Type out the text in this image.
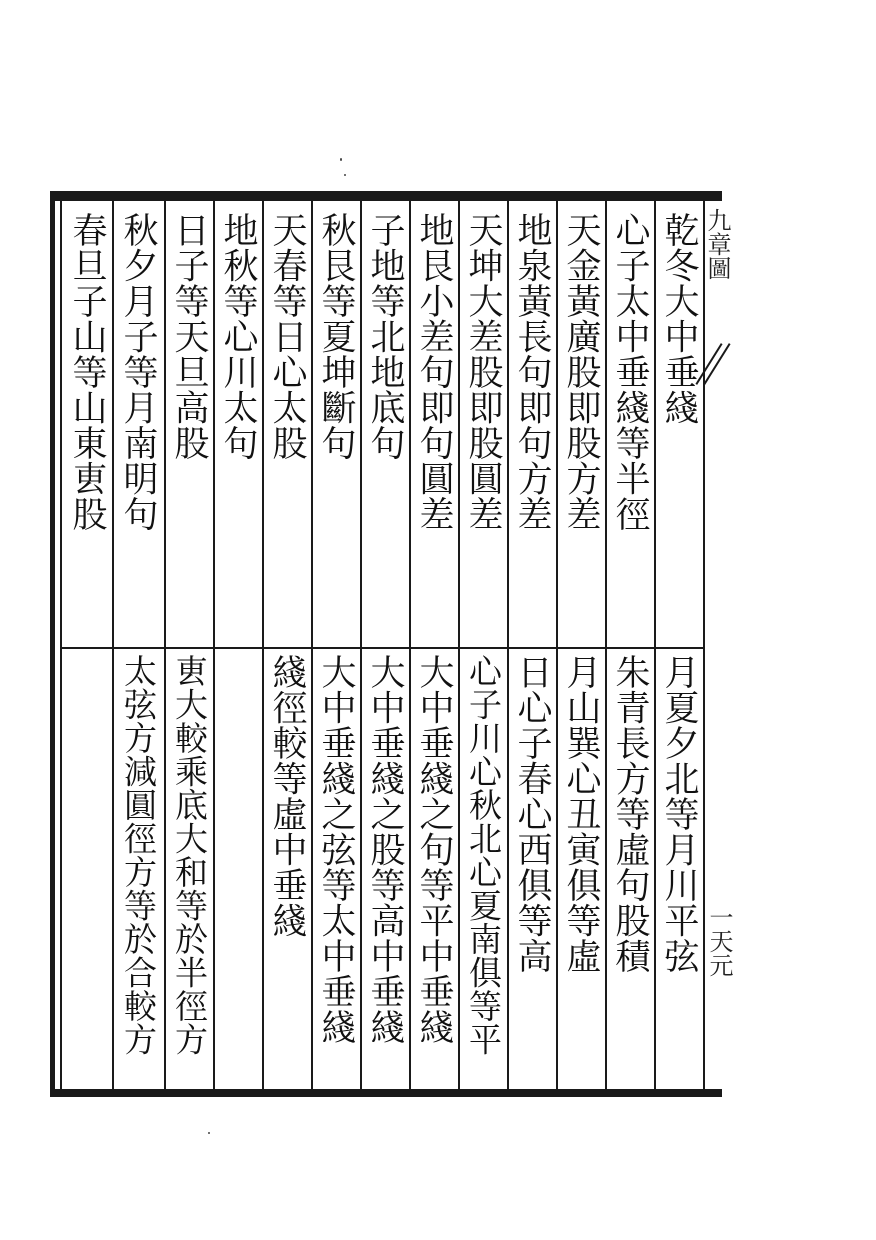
九章圖
一天元
乾冬大中垂綫
心子太中垂綫等半徑
天金黃廣股即股方差
地泉黃長句即句方差
天坤大差股即股圓差
地艮小差句即句圓差
子地等北地底句
秋艮等夏坤斷句
天春等日心太股
地秋等心川太句
日子等天旦高股
秋夕月子等月南明句
春旦子山等山東叀股
月夏夕北等月川平弦
朱青長方等虛句股積
月山巽心丑寅俱等虛
日心子春心西俱等高
心子川心秋北心夏南俱等平
大中垂綫之句等平中垂綫
大中垂綫之股等高中垂綫
大中垂綫之弦等太中垂綫
綫徑較等虛中垂綫
叀大較乘底大和等於半徑方
太弦方減圓徑方等於合較方
